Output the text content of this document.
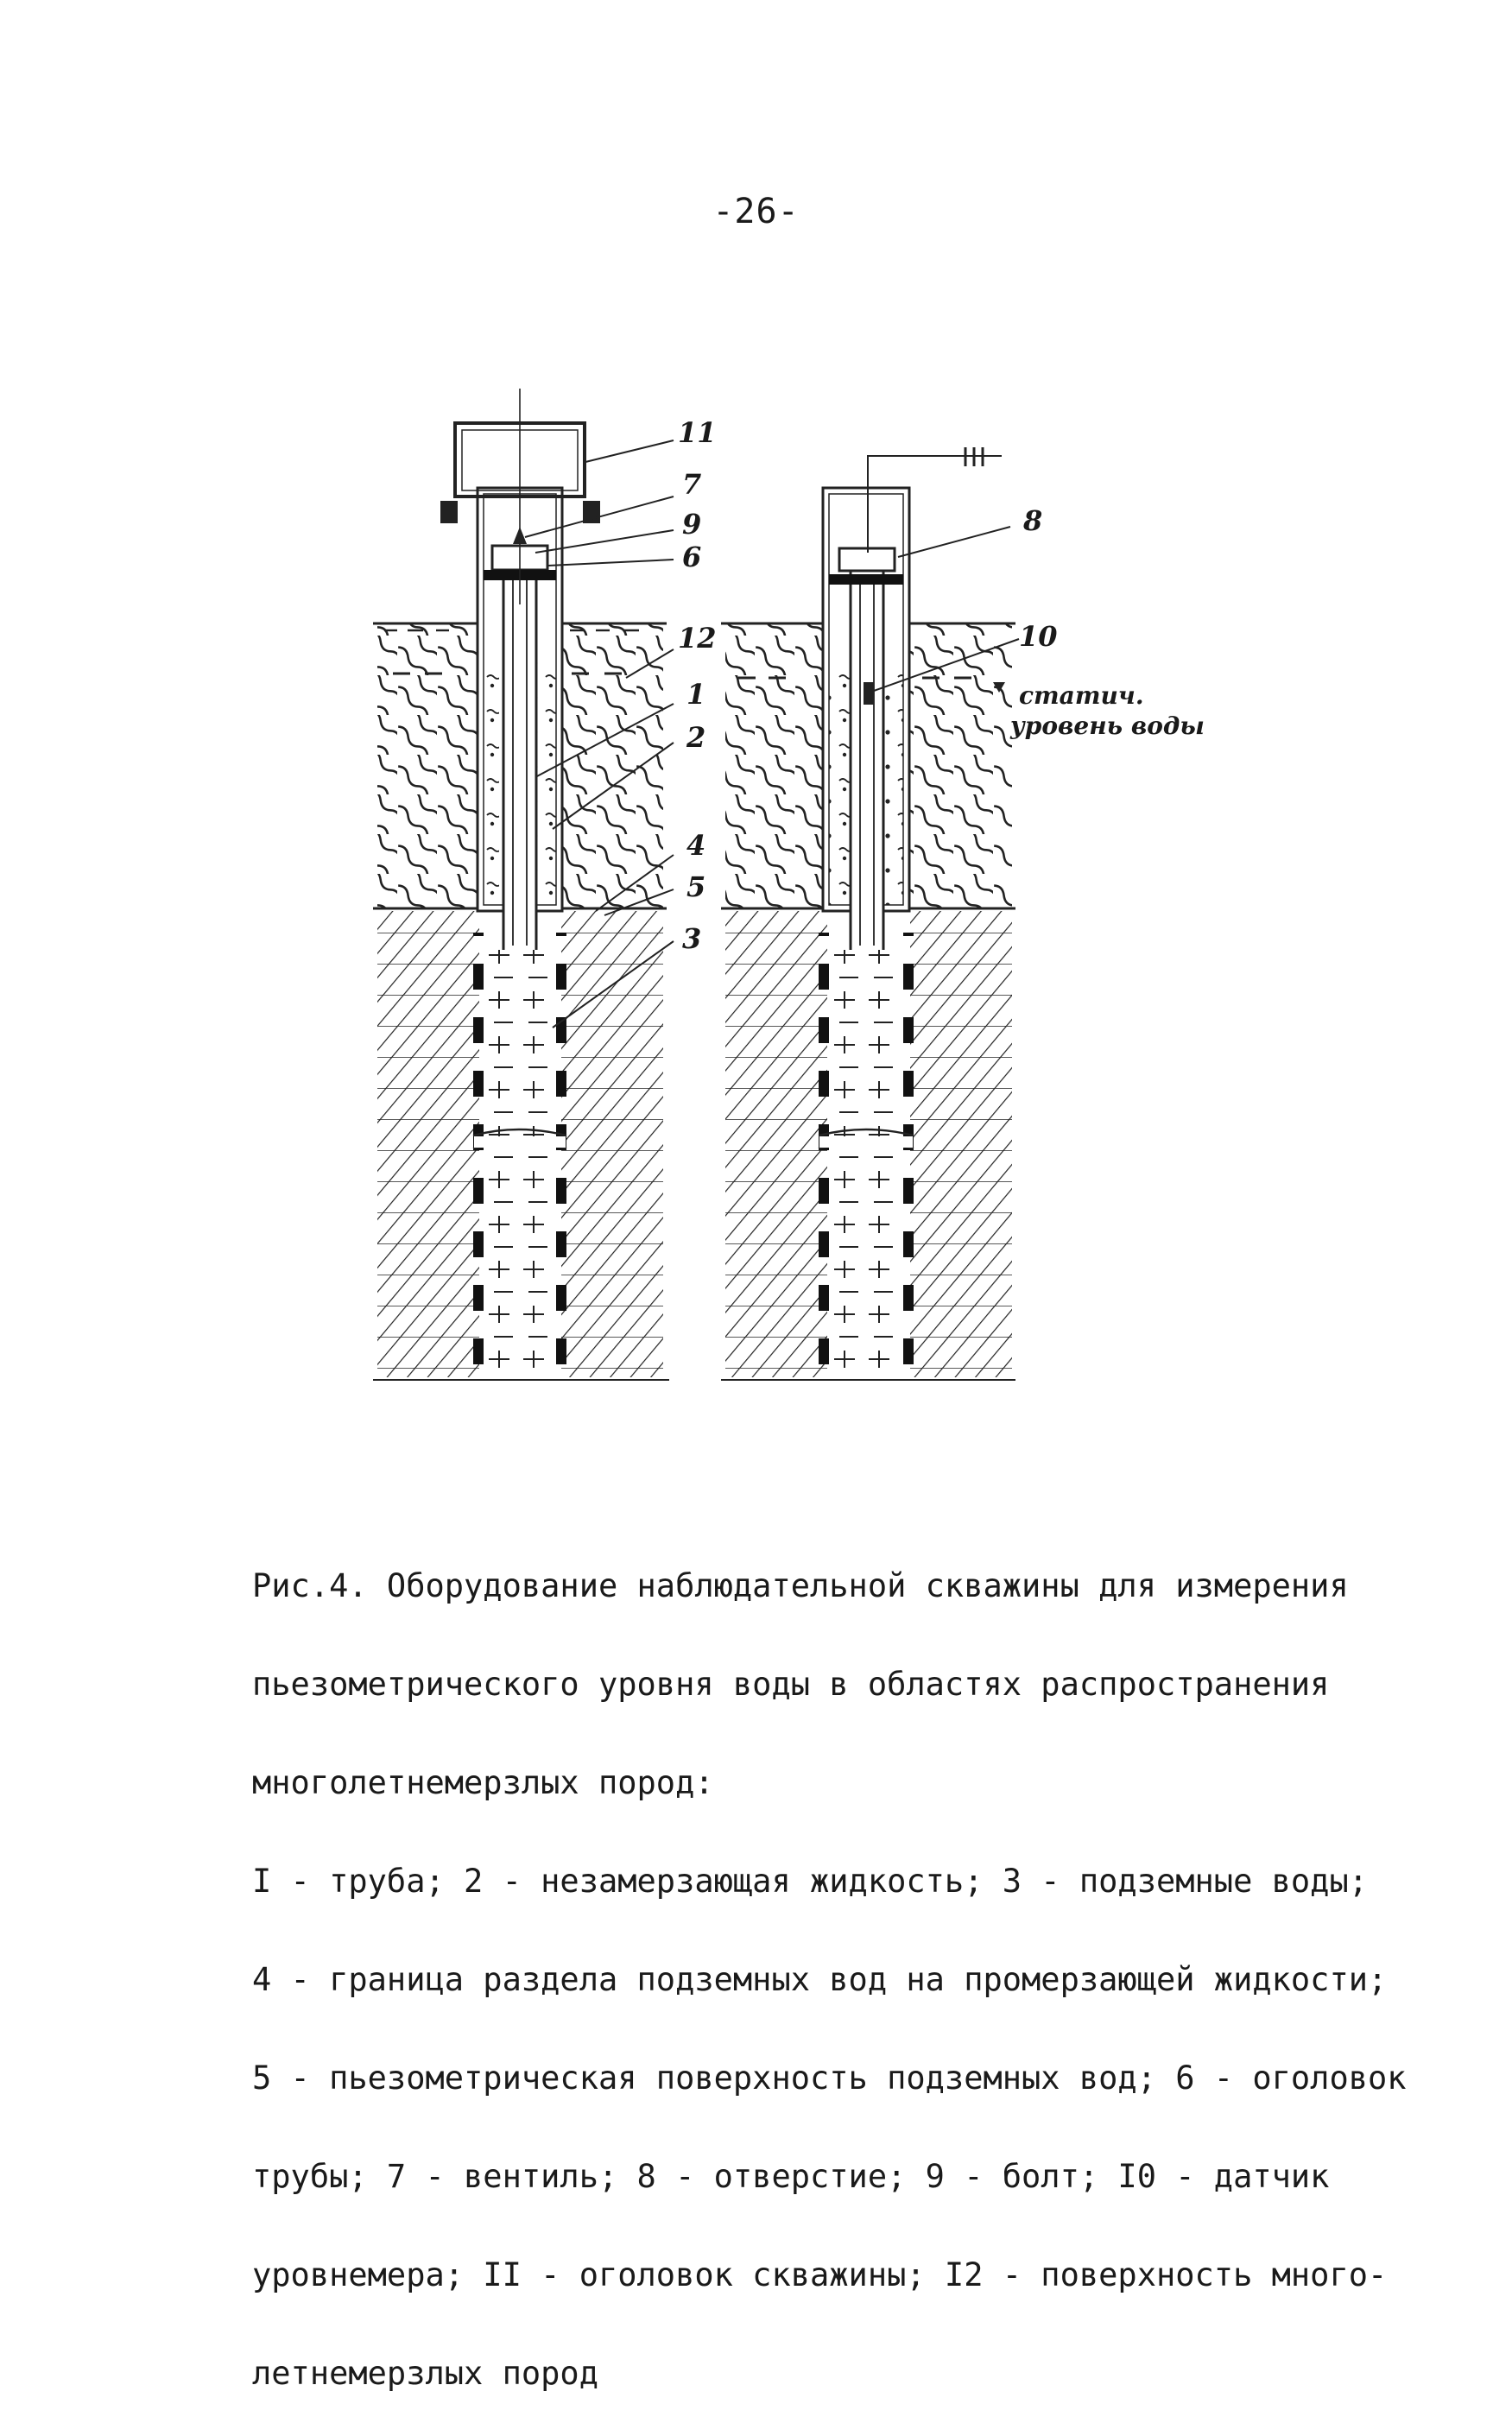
-26-
11
7
9
6
12
1
2
4
5
3
8
10
статич.
уровень воды

Рис.4. Оборудование наблюдательной скважины для измерения

пьезометрического уровня воды в областях распространения

многолетнемерзлых пород:

I - труба; 2 - незамерзающая жидкость; 3 - подземные воды;

4 - граница раздела подземных вод на промерзающей жидкости;

5 - пьезометрическая поверхность подземных вод; 6 - оголовок

трубы; 7 - вентиль; 8 - отверстие; 9 - болт; I0 - датчик

уровнемера; II - оголовок скважины; I2 - поверхность много-

летнемерзлых пород
